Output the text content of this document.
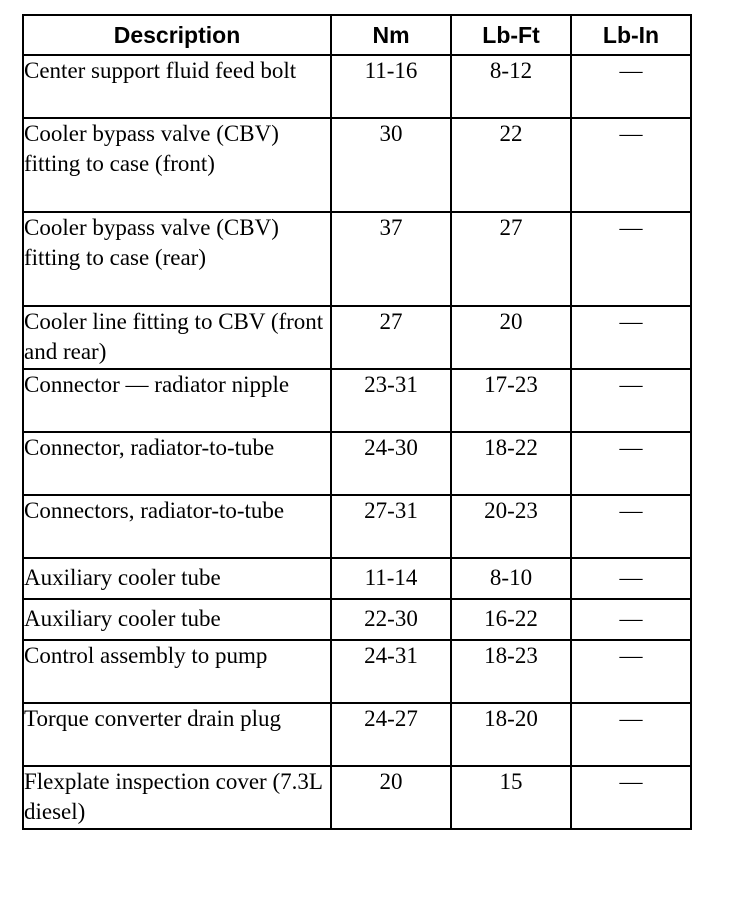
Description	Nm	Lb-Ft	Lb-In
Center support fluid feed bolt	11-16	8-12	—
Cooler bypass valve (CBV) fitting to case (front)	30	22	—
Cooler bypass valve (CBV) fitting to case (rear)	37	27	—
Cooler line fitting to CBV (front and rear)	27	20	—
Connector — radiator nipple	23-31	17-23	—
Connector, radiator-to-tube	24-30	18-22	—
Connectors, radiator-to-tube	27-31	20-23	—
Auxiliary cooler tube	11-14	8-10	—
Auxiliary cooler tube	22-30	16-22	—
Control assembly to pump	24-31	18-23	—
Torque converter drain plug	24-27	18-20	—
Flexplate inspection cover (7.3L diesel)	20	15	—
